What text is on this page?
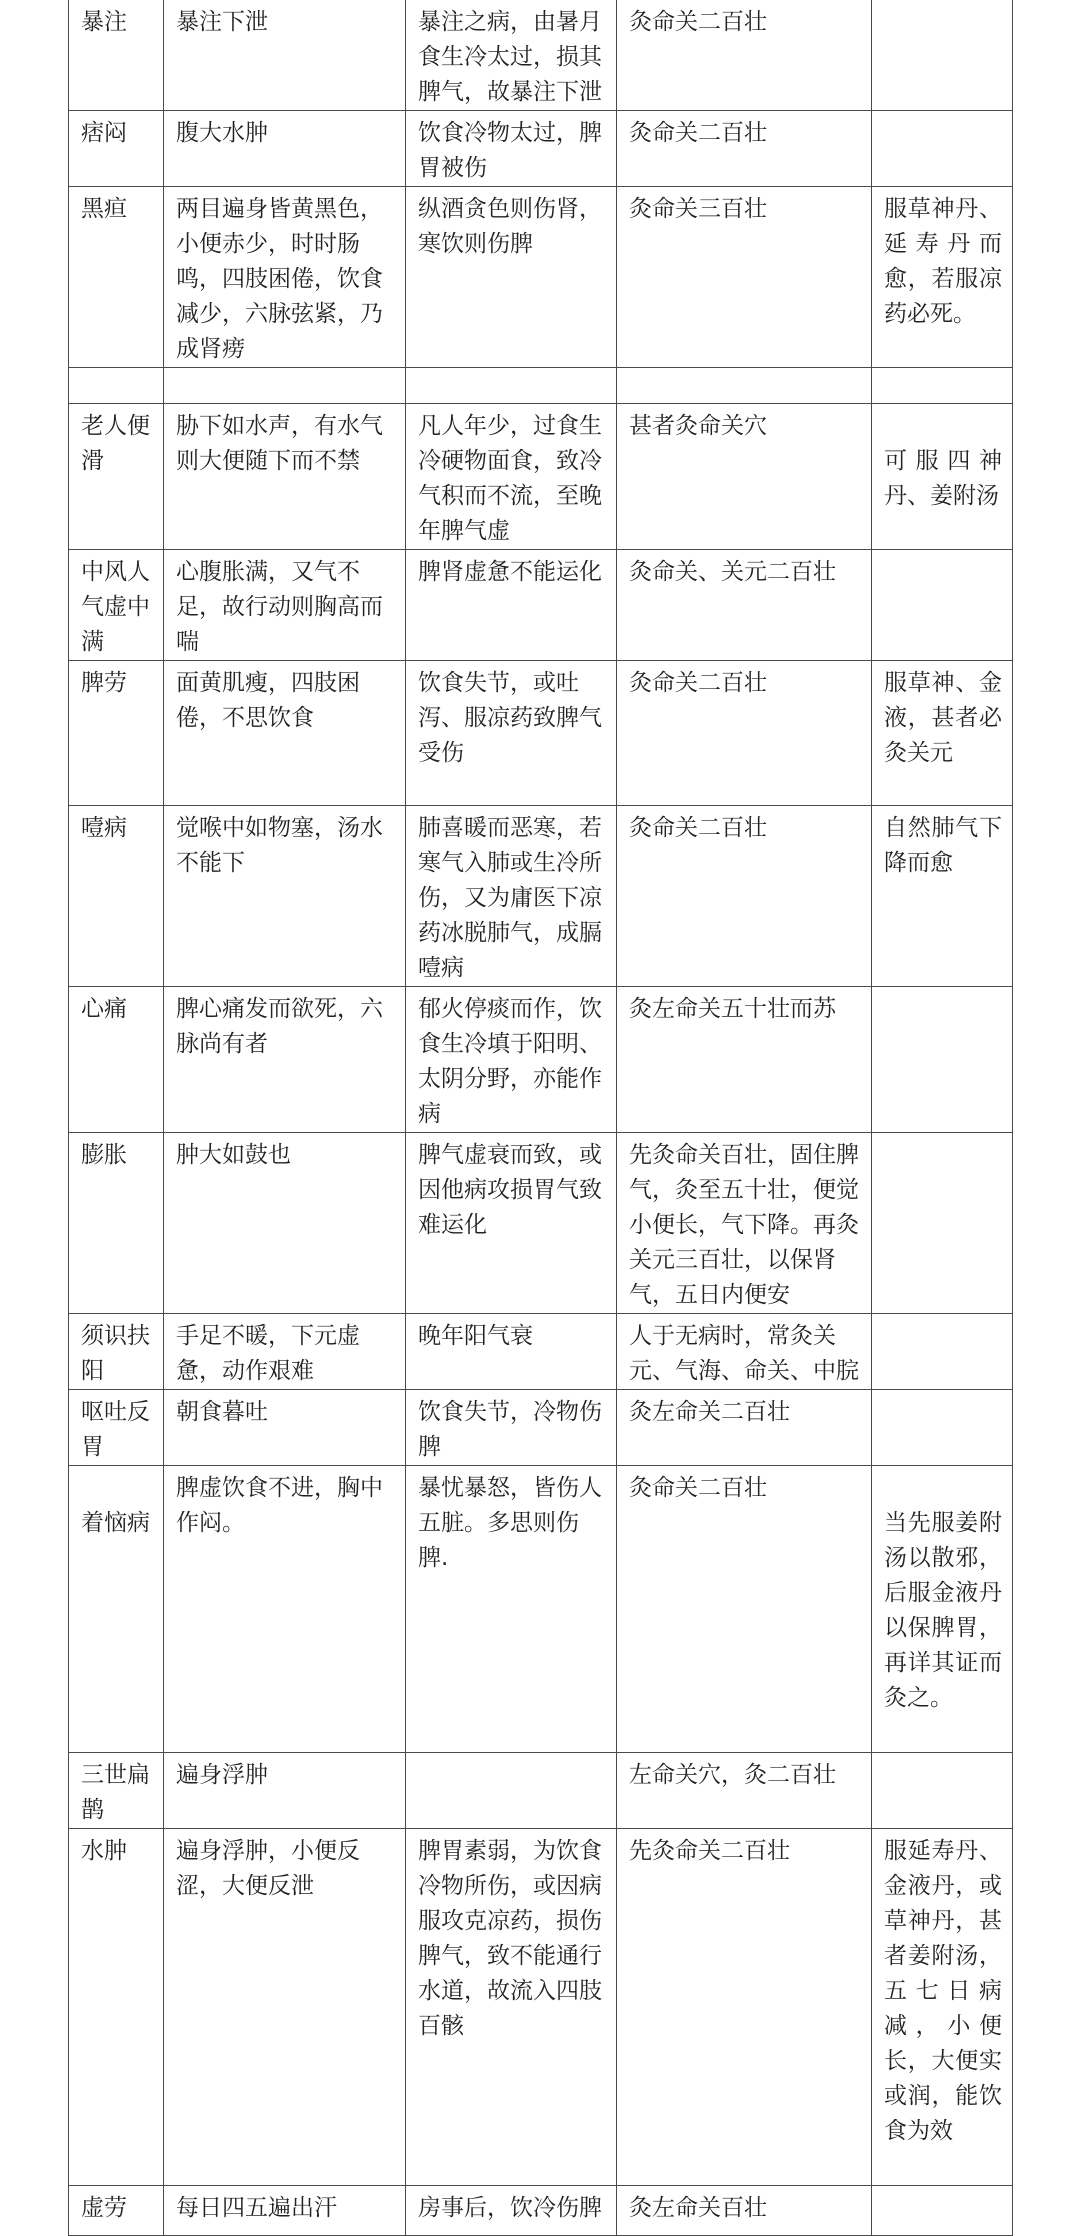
暴注	暴注下泄	暴注之病，由暑月食生冷太过，损其脾气，故暴注下泄	灸命关二百壮	
痞闷	腹大水肿	饮食冷物太过，脾胃被伤	灸命关二百壮	
黑疸	两目遍身皆黄黑色，小便赤少，时时肠鸣，四肢困倦，饮食减少，六脉弦紧，乃成肾痨	纵酒贪色则伤肾，寒饮则伤脾	灸命关三百壮	服草神丹、延寿丹而愈，若服凉药必死。

老人便滑	胁下如水声，有水气则大便随下而不禁	凡人年少，过食生冷硬物面食，致冷气积而不流，至晚年脾气虚	甚者灸命关穴	可服四神丹、姜附汤
中风人气虚中满	心腹胀满，又气不足，故行动则胸高而喘	脾肾虚惫不能运化	灸命关、关元二百壮	
脾劳	面黄肌瘦，四肢困倦，不思饮食	饮食失节，或吐泻、服凉药致脾气受伤	灸命关二百壮	服草神、金液，甚者必灸关元
噎病	觉喉中如物塞，汤水不能下	肺喜暖而恶寒，若寒气入肺或生冷所伤，又为庸医下凉药冰脱肺气，成膈噎病	灸命关二百壮	自然肺气下降而愈
心痛	脾心痛发而欲死，六脉尚有者	郁火停痰而作，饮食生冷填于阳明、太阴分野，亦能作病	灸左命关五十壮而苏	
膨胀	肿大如鼓也	脾气虚衰而致，或因他病攻损胃气致难运化	先灸命关百壮，固住脾气，灸至五十壮，便觉小便长，气下降。再灸关元三百壮，以保肾气，五日内便安	
须识扶阳	手足不暖，下元虚惫，动作艰难	晚年阳气衰	人于无病时，常灸关元、气海、命关、中脘	
呕吐反胃	朝食暮吐	饮食失节，冷物伤脾	灸左命关二百壮	
着恼病	脾虚饮食不进，胸中作闷。	暴忧暴怒，皆伤人五脏。多思则伤脾.	灸命关二百壮	当先服姜附汤以散邪，后服金液丹以保脾胃，再详其证而灸之。
三世扁鹊	遍身浮肿		左命关穴，灸二百壮	
水肿	遍身浮肿，小便反涩，大便反泄	脾胃素弱，为饮食冷物所伤，或因病服攻克凉药，损伤脾气，致不能通行水道，故流入四肢百骸	先灸命关二百壮	服延寿丹、金液丹，或草神丹，甚者姜附汤，五七日病减，小便长，大便实或润，能饮食为效
虚劳	每日四五遍出汗	房事后，饮冷伤脾	灸左命关百壮	
